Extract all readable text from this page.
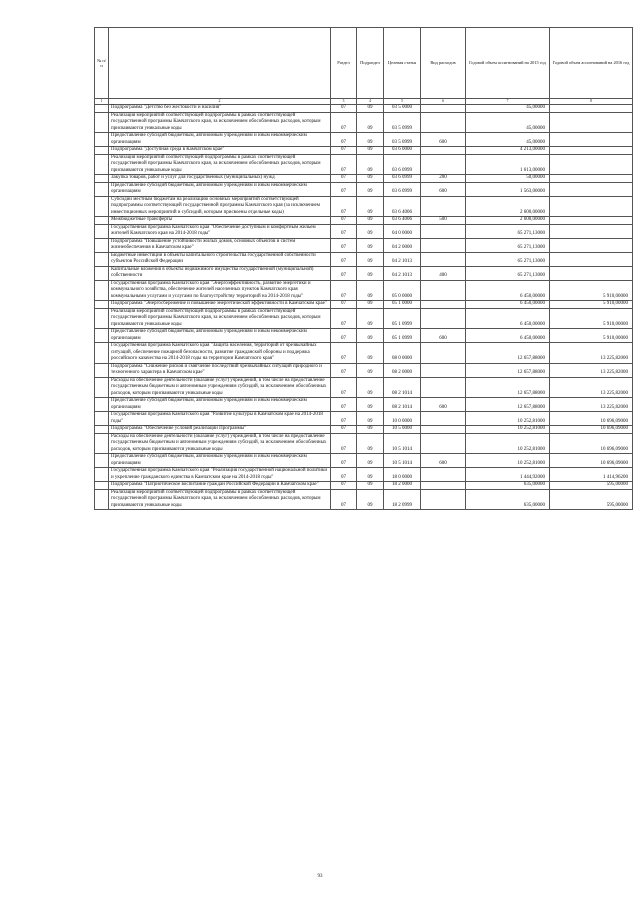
№ п/п		Раздел	Подраздел	Целевая статья	Вид расходов	Годовой объем ассигнований на 2015 год	Годовой объем ассигнований на 2016 год
1	2	3	4	5	6	7	8
	Подпрограмма "Детство без жестокости и насилия"	07	09	03 5 0000		45,00000	
	Реализация мероприятий соответствующей подпрограммы в рамках соответствующей государственной программы Камчатского края, за исключением обособленных расходов, которым присваиваются уникальные коды	07	09	03 5 0999		45,00000	
	Предоставление субсидий бюджетным, автономным учреждениям и иным некоммерческим организациям	07	09	03 5 0999	600	45,00000	
	Подпрограмма "Доступная среда в Камчатском крае"	07	09	03 6 0000		4 213,00000	
	Реализация мероприятий соответствующей подпрограммы в рамках соответствующей государственной программы Камчатского края, за исключением обособленных расходов, которым присваиваются уникальные коды	07	09	03 6 0999		1 613,00000	
	Закупка товаров, работ и услуг для государственных (муниципальных) нужд	07	09	03 6 0999	200	50,00000	
	Предоставление субсидий бюджетным, автономным учреждениям и иным некоммерческим организациям	07	09	03 6 0999	600	1 563,00000	
	Субсидии местным бюджетам на реализацию основных мероприятий соответствующей подпрограммы соответствующей государственной программы Камчатского края (за исключением инвестиционных мероприятий и субсидий, которым присвоены отдельные коды)	07	09	03 6 4006		2 600,00000	
	Межбюджетные трансферты	07	09	03 6 4006	500	2 600,00000	
	Государственная программа Камчатского края "Обеспечение доступным и комфортным жильем жителей Камчатского края на 2014-2018 годы"	07	09	04 0 0000		65 271,13000	
	Подпрограмма "Повышение устойчивости жилых домов, основных объектов и систем жизнеобеспечения в Камчатском крае"	07	09	04 2 0000		65 271,13000	
	Бюджетные инвестиции в объекты капитального строительства государственной собственности субъектов Российской Федерации	07	09	04 2 1013		65 271,13000	
	Капитальные вложения в объекты недвижимого имущества государственной (муниципальной) собственности	07	09	04 2 1013	400	65 271,13000	
	Государственная программа Камчатского края "Энергоэффективность, развитие энергетики и коммунального хозяйства, обеспечение жителей населенных пунктов Камчатского края коммунальными услугами и услугами по благоустройству территорий на 2014-2018 годы"	07	09	05 0 0000		6 450,00000	5 910,00000
	Подпрограмма "Энергосбережение и повышение энергетической эффективности в Камчатском крае"	07	09	05 1 0000		6 450,00000	5 910,00000
	Реализация мероприятий соответствующей подпрограммы в рамках соответствующей государственной программы Камчатского края, за исключением обособленных расходов, которым присваиваются уникальные коды	07	09	05 1 0999		6 450,00000	5 910,00000
	Предоставление субсидий бюджетным, автономным учреждениям и иным некоммерческим организациям	07	09	05 1 0999	600	6 450,00000	5 910,00000
	Государственная программа Камчатского края "Защита населения, территорий от чрезвычайных ситуаций, обеспечение пожарной безопасности, развитие гражданской обороны и поддержка российского казачества на 2014-2018 годы на территории Камчатского края"	07	09	08 0 0000		12 657,88000	13 225,82000
	Подпрограмма "Снижение рисков и смягчение последствий чрезвычайных ситуаций природного и техногенного характера в Камчатском крае"	07	09	08 2 0000		12 657,88000	13 225,82000
	Расходы на обеспечение деятельности (оказание услуг) учреждений, в том числе на предоставление государственным бюджетным и автономным учреждениям субсидий, за исключением обособленных расходов, которым присваиваются уникальные коды	07	09	08 2 1014		12 657,88000	13 225,82000
	Предоставление субсидий бюджетным, автономным учреждениям и иным некоммерческим организациям	07	09	08 2 1014	600	12 657,88000	13 225,82000
	Государственная программа Камчатского края "Развитие культуры в Камчатском крае на 2014-2018 годы"	07	09	10 0 0000		10 252,81000	10 696,09000
	Подпрограмма "Обеспечение условий реализации Программы"	07	09	10 5 0000		10 252,81000	10 696,09000
	Расходы на обеспечение деятельности (оказание услуг) учреждений, в том числе на предоставление государственным бюджетным и автономным учреждениям субсидий, за исключением обособленных расходов, которым присваиваются уникальные коды	07	09	10 5 1014		10 252,81000	10 696,09000
	Предоставление субсидий бюджетным, автономным учреждениям и иным некоммерческим организациям	07	09	10 5 1014	600	10 252,81000	10 696,09000
	Государственная программа Камчатского края "Реализация государственной национальной политики и укрепление гражданского единства в Камчатском крае на 2014-2018 годы"	07	09	18 0 0000		1 444,92000	1 414,96200
	Подпрограмма "Патриотическое воспитание граждан Российской Федерации в Камчатском крае"	07	09	18 2 0000		635,00000	595,00000
	Реализация мероприятий соответствующей подпрограммы в рамках соответствующей государственной программы Камчатского края, за исключением обособленных расходов, которым присваиваются уникальные коды	07	09	18 2 0999		635,00000	595,00000
93
